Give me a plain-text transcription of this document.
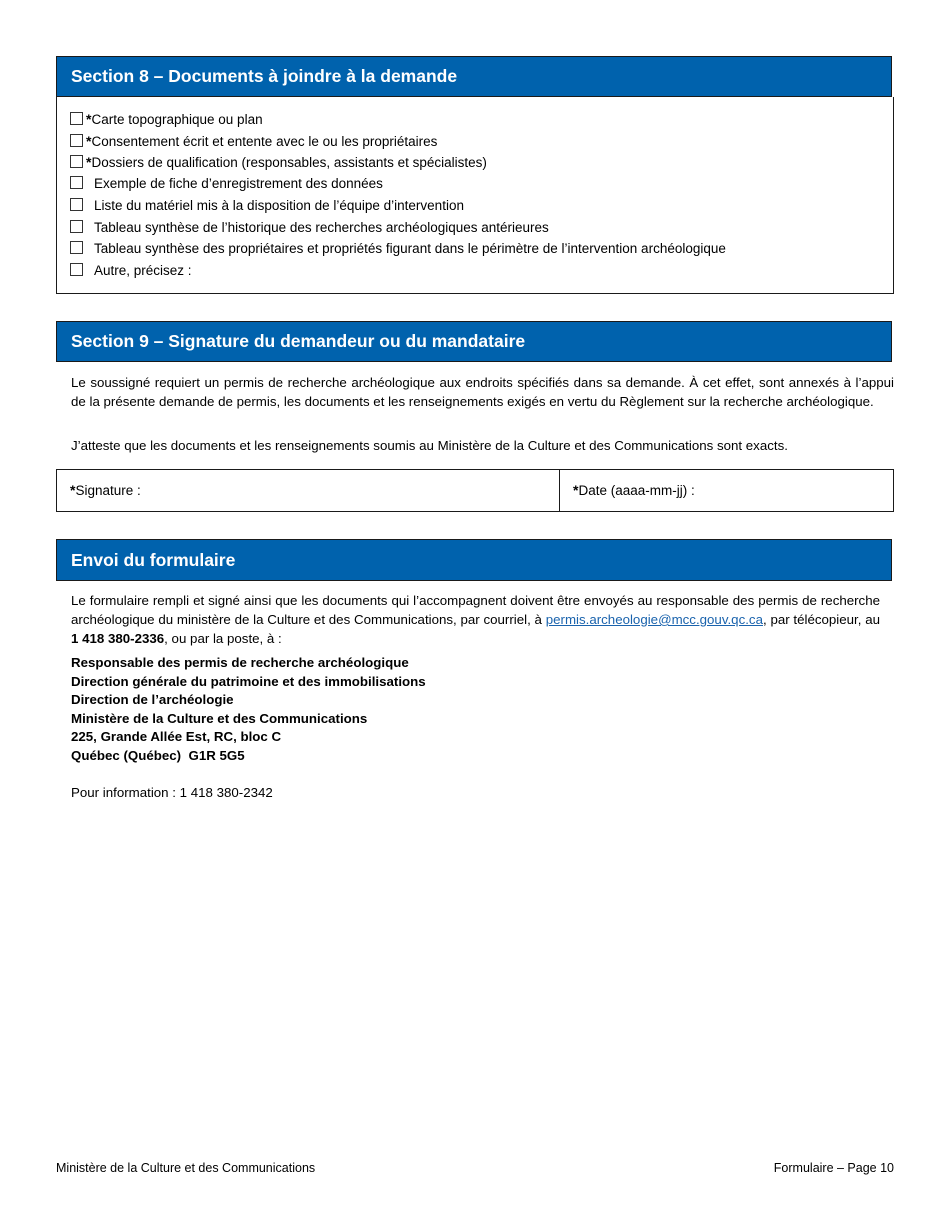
Section 8 – Documents à joindre à la demande
*Carte topographique ou plan
*Consentement écrit et entente avec le ou les propriétaires
*Dossiers de qualification (responsables, assistants et spécialistes)
Exemple de fiche d’enregistrement des données
Liste du matériel mis à la disposition de l’équipe d’intervention
Tableau synthèse de l’historique des recherches archéologiques antérieures
Tableau synthèse des propriétaires et propriétés figurant dans le périmètre de l’intervention archéologique
Autre, précisez :
Section 9 – Signature du demandeur ou du mandataire
Le soussigné requiert un permis de recherche archéologique aux endroits spécifiés dans sa demande. À cet effet, sont annexés à l’appui de la présente demande de permis, les documents et les renseignements exigés en vertu du Règlement sur la recherche archéologique.
J’atteste que les documents et les renseignements soumis au Ministère de la Culture et des Communications sont exacts.
*Signature :	*Date (aaaa-mm-jj) :
Envoi du formulaire
Le formulaire rempli et signé ainsi que les documents qui l’accompagnent doivent être envoyés au responsable des permis de recherche archéologique du ministère de la Culture et des Communications, par courriel, à permis.archeologie@mcc.gouv.qc.ca, par télécopieur, au 1 418 380-2336, ou par la poste, à :
Responsable des permis de recherche archéologique
Direction générale du patrimoine et des immobilisations
Direction de l’archéologie
Ministère de la Culture et des Communications
225, Grande Allée Est, RC, bloc C
Québec (Québec)  G1R 5G5
Pour information : 1 418 380-2342
Ministère de la Culture et des Communications	Formulaire – Page 10
